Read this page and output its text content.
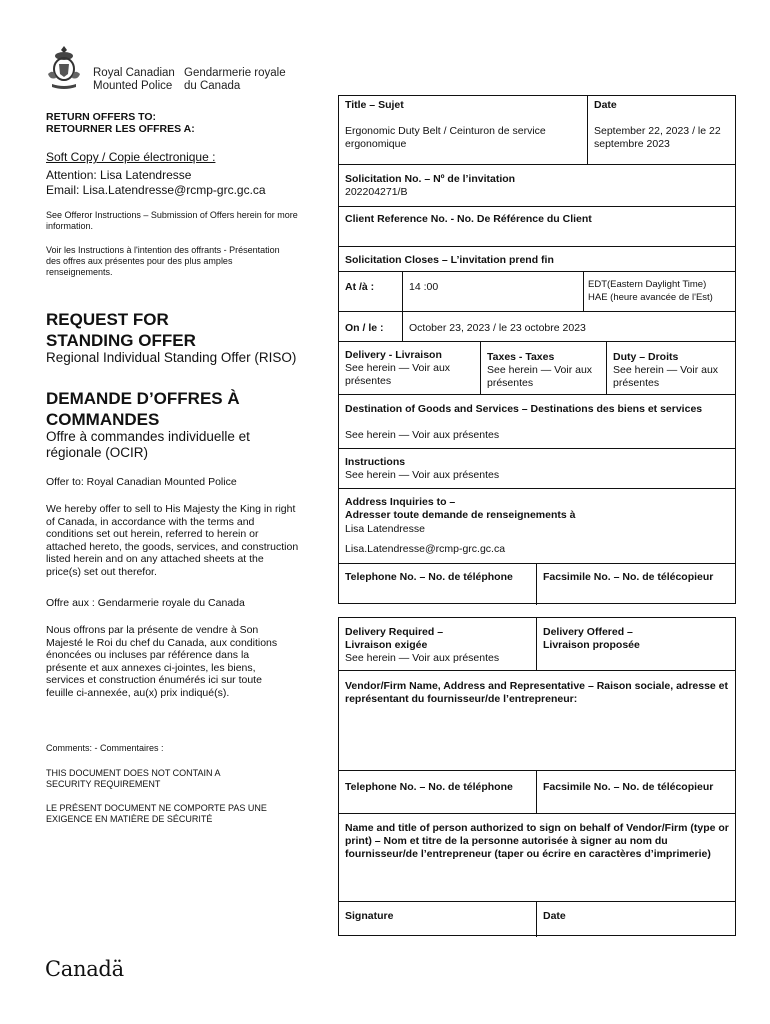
Royal Canadian Gendarmerie royale
Mounted Police	du Canada
RETURN OFFERS TO:
RETOURNER LES OFFRES A:
Soft Copy / Copie électronique :
Attention: Lisa Latendresse
Email: Lisa.Latendresse@rcmp-grc.gc.ca
See Offeror Instructions – Submission of Offers herein for more information.
Voir les Instructions à l'intention des offrants - Présentation des offres aux présentes pour des plus amples renseignements.
REQUEST FOR STANDING OFFER
Regional Individual Standing Offer (RISO)
DEMANDE D’OFFRES À COMMANDES
Offre à commandes individuelle et régionale (OCIR)
Offer to: Royal Canadian Mounted Police
We hereby offer to sell to His Majesty the King in right of Canada, in accordance with the terms and conditions set out herein, referred to herein or attached hereto, the goods, services, and construction listed herein and on any attached sheets at the price(s) set out therefor.
Offre aux : Gendarmerie royale du Canada
Nous offrons par la présente de vendre à Son Majesté le Roi du chef du Canada, aux conditions énoncées ou incluses par référence dans la présente et aux annexes ci-jointes, les biens, services et construction énumérés ici sur toute feuille ci-annexée, au(x) prix indiqué(s).
Comments: - Commentaires :
THIS DOCUMENT DOES NOT CONTAIN A SECURITY REQUIREMENT
LE PRÉSENT DOCUMENT NE COMPORTE PAS UNE EXIGENCE EN MATIÈRE DE SÉCURITÉ
Canadä
Title – Sujet
Ergonomic Duty Belt / Ceinturon de service ergonomique
Date
September 22, 2023 / le 22 septembre 2023
Solicitation No. – Nº de l’invitation
202204271/B
Client Reference No. - No. De Référence du Client
Solicitation Closes – L’invitation prend fin
At /à :	14 :00	EDT(Eastern Daylight Time)
HAE (heure avancée de l'Est)
On / le : October 23, 2023 / le 23 octobre 2023
Delivery - Livraison
See herein — Voir aux présentes
Taxes - Taxes
See herein — Voir aux présentes
Duty – Droits
See herein — Voir aux présentes
Destination of Goods and Services – Destinations des biens et services
See herein — Voir aux présentes
Instructions
See herein — Voir aux présentes
Address Inquiries to –
Adresser toute demande de renseignements à
Lisa Latendresse
Lisa.Latendresse@rcmp-grc.gc.ca
Telephone No. – No. de téléphone	Facsimile No. – No. de télécopieur
Delivery Required –
Livraison exigée
See herein — Voir aux présentes
Delivery Offered –
Livraison proposée
Vendor/Firm Name, Address and Representative – Raison sociale, adresse et représentant du fournisseur/de l’entrepreneur:
Telephone No. – No. de téléphone	Facsimile No. – No. de télécopieur
Name and title of person authorized to sign on behalf of Vendor/Firm (type or print) – Nom et titre de la personne autorisée à signer au nom du fournisseur/de l’entrepreneur (taper ou écrire en caractères d’imprimerie)
Signature	Date
